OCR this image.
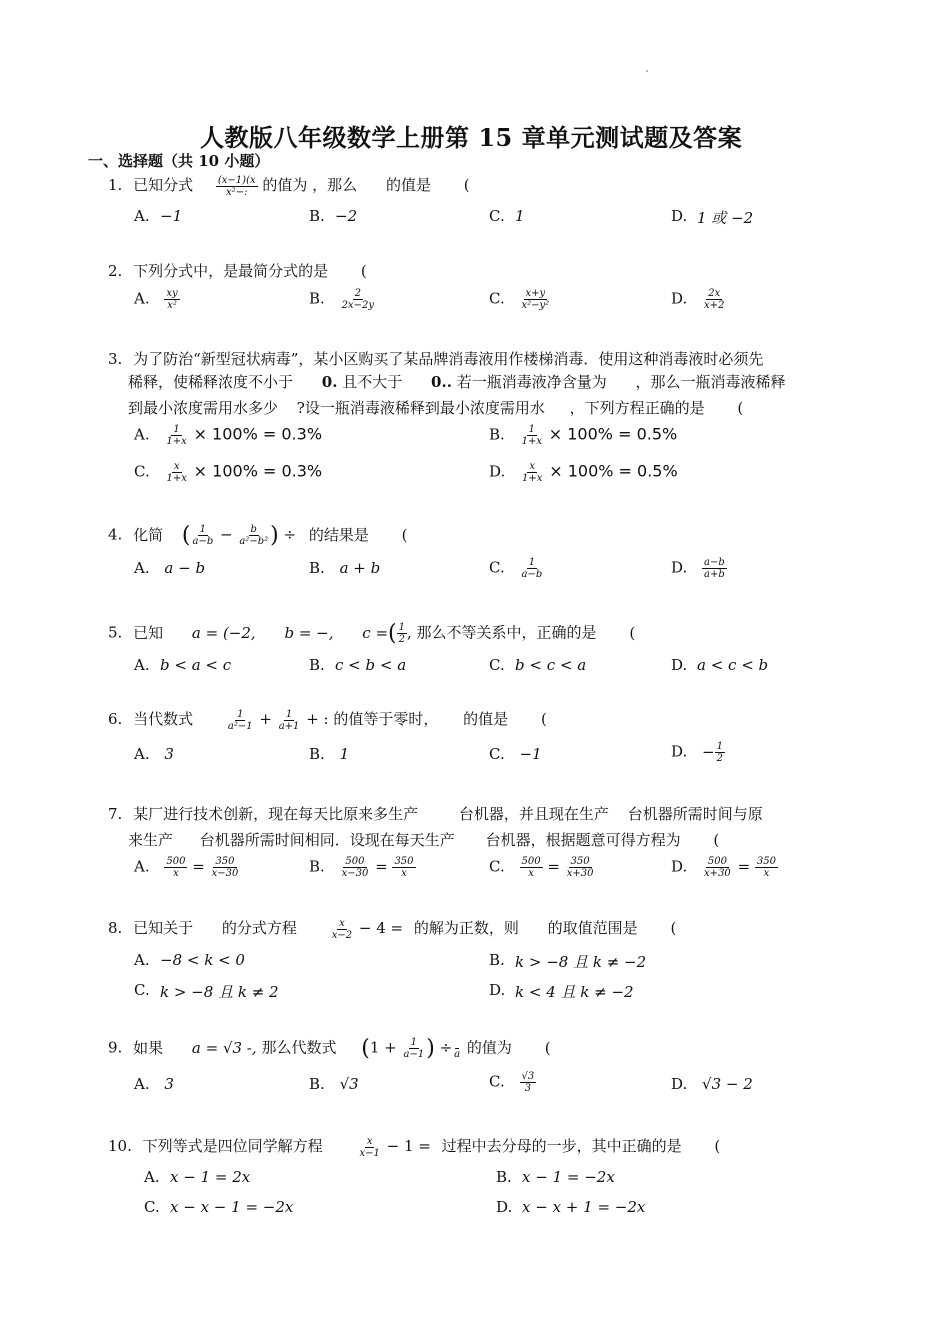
人教版八年级数学上册第 15 章单元测试题及答案
一、选择题（共 10 小题）
1. 已知分式 $\frac{(x-1)(x}{\text{x²−:}}$ 的值为 ，那么 的值是 (
A. −1	B. −2	C. 1	D. 1 或 −2
2. 下列分式中，是最简分式的是 (
A. $\frac{xy}{\text{x²}}$	B. $\frac{2}{2x-2y}$	C. $\frac{x+y}{\text{x²−y²}}$	D. $\frac{2x}{x+2}$
3. 为了防治“新型冠状病毒”，某小区购买了某品牌消毒液用作楼梯消毒．使用这种消毒液时必须先
稀释，使稀释浓度不小于 0. 且不大于 0.. 若一瓶消毒液净含量为 ，那么一瓶消毒液稀释
到最小浓度需用水多少 ?设一瓶消毒液稀释到最小浓度需用水 ，下列方程正确的是 (
A. $\frac{1}{1+x} \times 100\% = 0.3\%$	B. $\frac{1}{1+x} \times 100\% = 0.5\%$
C. $\frac{x}{1+x} \times 100\% = 0.3\%$	D. $\frac{x}{1+x} \times 100\% = 0.5\%$
4. 化简 ( $\frac{1}{a-b} - \frac{b}{\text{a²−b²}}$ ) ÷ 的结果是 (
A. a − b	B. a + b	C. $\frac{1}{a-b}$	D. $\frac{a-b}{a+b}$
5. 已知 a = (−2, b = −, c =( $\frac{1}{2}$ , 那么不等关系中，正确的是 (
A. b < a < c	B. c < b < a	C. b < c < a	D. a < c < b
6. 当代数式	$\frac{1}{\text{a²−1}} + \frac{1}{a+1}$ + : 的值等于零时， 的值是 (
A. 3	B. 1	C. −1	D. − $\frac{1}{2}$
7. 某厂进行技术创新，现在每天比原来多生产	台机器，并且现在生产 台机器所需时间与原
来生产 台机器所需时间相同．设现在每天生产 台机器，根据题意可得方程为 (
A. $\frac{500}{x} = \frac{350}{x-30}$	B. $\frac{500}{x-30} = \frac{350}{x}$	C. $\frac{500}{x} = \frac{350}{x+30}$	D. $\frac{500}{x+30} = \frac{350}{x}$
8. 已知关于 的分式方程	$\frac{x}{x-2} - 4$ = 的解为正数，则 的取值范围是 (
A. −8 < k < 0	B. k > −8 且 k ≠ −2
C. k > −8 且 k ≠ 2	D. k < 4 且 k ≠ −2
9. 如果 a = √3 -, 那么代数式 ($1 + \frac{1}{a-1}$ ) ÷ a 的值为 (
A. 3	B. √3	C. $\frac{√3}{3}$	D. √3 − 2
10. 下列等式是四位同学解方程	$\frac{x}{x-1} - 1$ = 过程中去分母的一步，其中正确的是 (
A. x − 1 = 2x	B. x − 1 = −2x
C. x − x − 1 = −2x	D. x − x + 1 = −2x
